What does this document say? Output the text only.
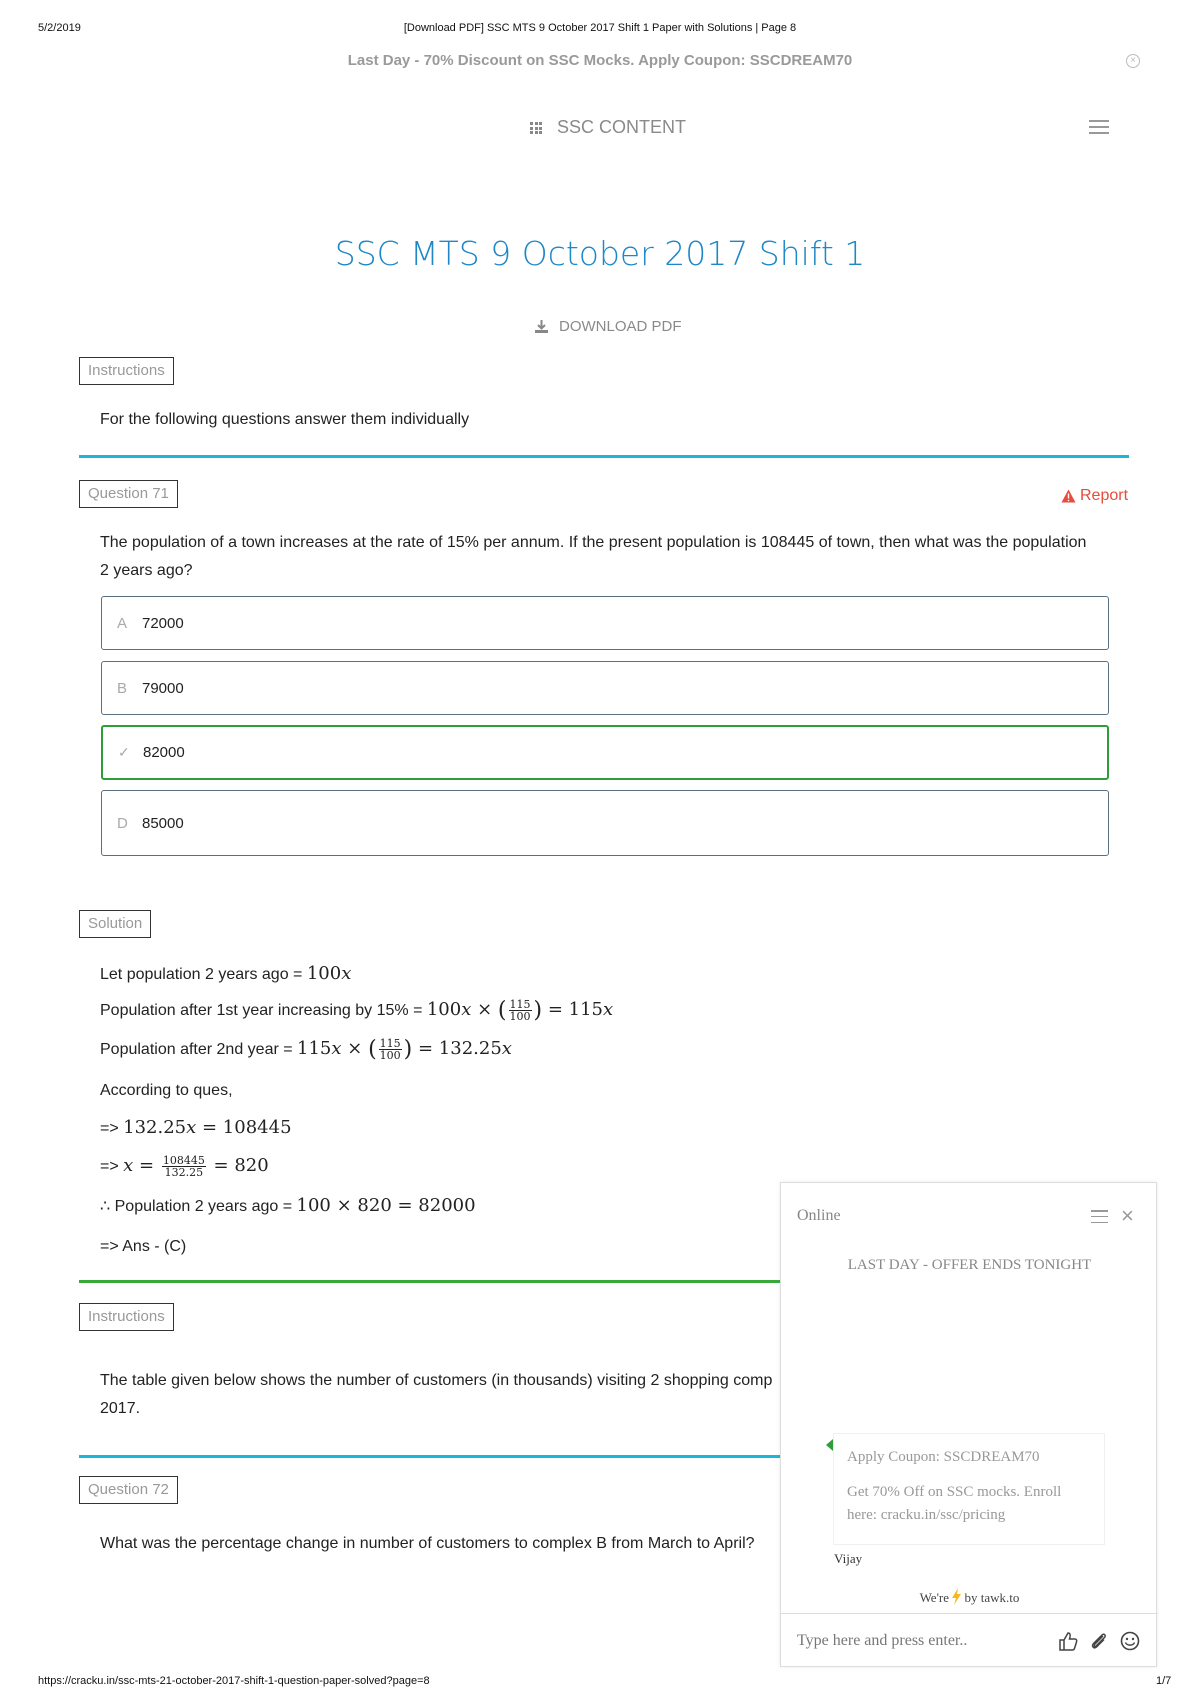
5/2/2019	[Download PDF] SSC MTS 9 October 2017 Shift 1 Paper with Solutions | Page 8
Last Day - 70% Discount on SSC Mocks. Apply Coupon: SSCDREAM70	×
SSC CONTENT
SSC MTS 9 October 2017 Shift 1
DOWNLOAD PDF
Instructions
For the following questions answer them individually
Question 71	Report
The population of a town increases at the rate of 15% per annum. If the present population is 108445 of town, then what was the population
2 years ago?
A 72000
B 79000
✓ 82000
D 85000
Solution
Let population 2 years ago = 100x
Population after 1st year increasing by 15% = 100x × ( $\frac{115}{100}$ ) = 115x
Population after 2nd year = 115x × ( $\frac{115}{100}$ ) = 132.25x
According to ques,
=> 132.25x = 108445
=> $x = \frac{108445}{132.25} = 820$
∴ Population 2 years ago = 100 × 820 = 82000
=> Ans - (C)
Instructions
The table given below shows the number of customers (in thousands) visiting 2 shopping comp
2017.
Question 72
What was the percentage change in number of customers to complex B from March to April?
Online	×
LAST DAY - OFFER ENDS TONIGHT

Apply Coupon: SSCDREAM70

Get 70% Off on SSC mocks. Enroll here: cracku.in/ssc/pricing

Vijay
We're by tawk.to
Type here and press enter..
https://cracku.in/ssc-mts-21-october-2017-shift-1-question-paper-solved?page=8	1/7
